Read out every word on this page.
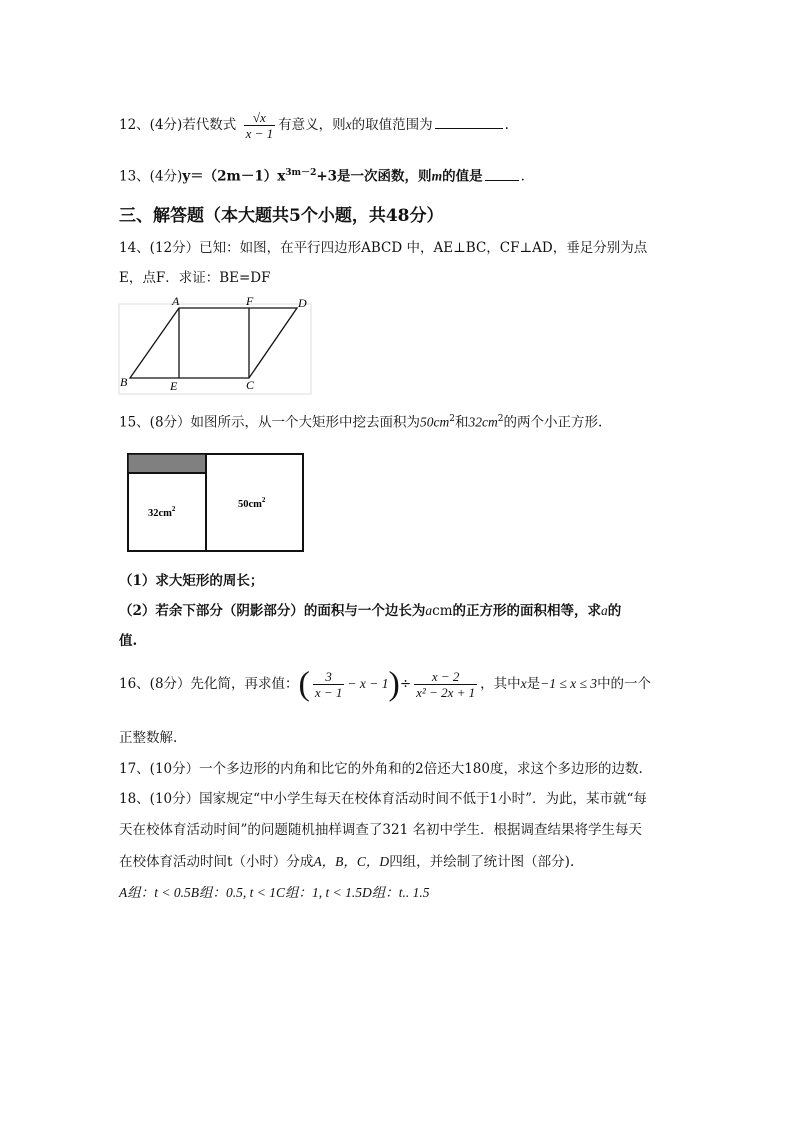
12、(4分)若代数式 $\frac{√x}{x - 1}$ 有意义，则x的取值范围为	.
13、(4分)$y=(2m-1)x^{3m-2}+3$是一次函数，则m的值是	.
三、解答题（本大题共5个小题，共48分）
14、(12分）已知：如图，在平行四边形ABCD 中，AE⊥BC，CF⊥AD，垂足分别为点
E，点F．求证：BE=DF
A	F	D
B	E	C
15、(8分）如图所示，从一个大矩形中挖去面积为$50cm^2$和$32cm^2$的两个小正方形.
$32cm^2$	$50cm^2$
（1）求大矩形的周长；
（2）若余下部分（阴影部分）的面积与一个边长为acm的正方形的面积相等，求a的
值.
16、(8分）先化简，再求值：( $\frac{3}{x - 1} - x - 1)\div \frac{x - 2}{\text{x² − 2x + 1}}$ ，其中x是−1 ≤ x ≤ 3中的一个
正整数解.
17、(10分）一个多边形的内角和比它的外角和的2倍还大180度，求这个多边形的边数.
18、(10分）国家规定“中小学生每天在校体育活动时间不低于1小时”．为此，某市就“每
天在校体育活动时间”的问题随机抽样调查了321 名初中学生．根据调查结果将学生每天
在校体育活动时间t（小时）分成A，B，C，D四组，并绘制了统计图（部分).
A组：t < 0.5B组：0.5, t < 1C组：1, t < 1.5D组：t.. 1.5
